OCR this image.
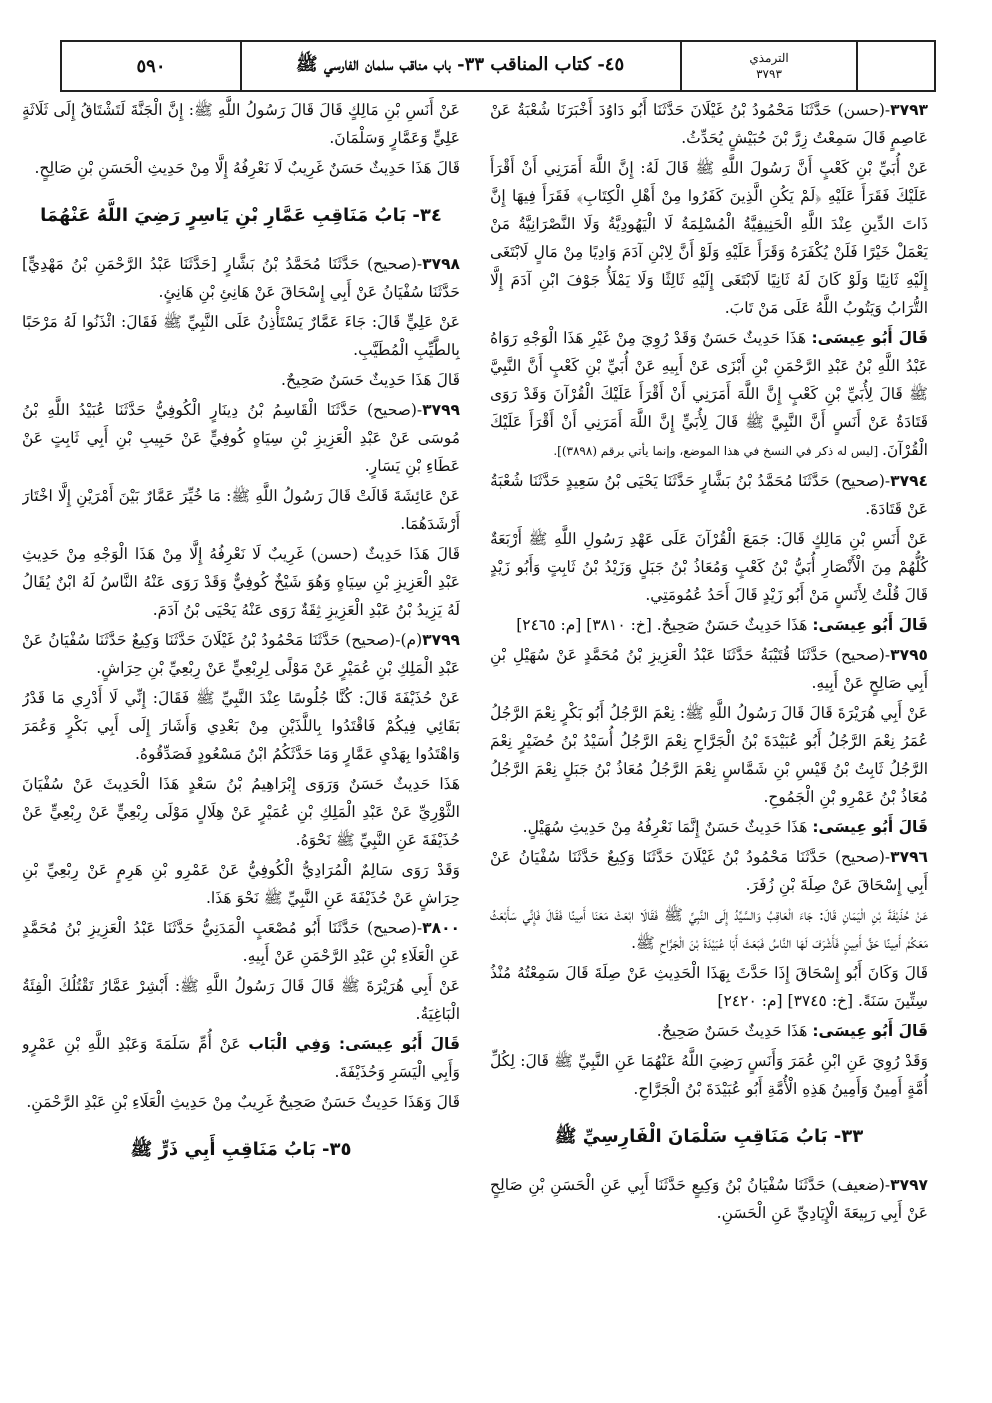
الترمذي
٣٧٩٣
٤٥- كتاب المناقب ٣٣- باب مناقب سلمان الفارسي ﷺ
٥٩٠

٣٧٩٣-(حسن) حَدَّثَنَا مَحْمُودُ بْنُ غَيْلَانَ حَدَّثَنَا أَبُو دَاوُدَ أَخْبَرَنَا شُعْبَةُ عَنْ عَاصِمٍ قَالَ سَمِعْتُ زِرَّ بْنَ حُبَيْشٍ يُحَدِّثُ.

عَنْ أُبَيِّ بْنِ كَعْبٍ أَنَّ رَسُولَ اللَّهِ ﷺ قَالَ لَهُ: إِنَّ اللَّهَ أَمَرَنِي أَنْ أَقْرَأَ عَلَيْكَ فَقَرَأَ عَلَيْهِ ﴿لَمْ يَكُنِ الَّذِينَ كَفَرُوا مِنْ أَهْلِ الْكِتَابِ﴾ فَقَرَأَ فِيهَا إِنَّ ذَاتَ الدِّينِ عِنْدَ اللَّهِ الْحَنِيفِيَّةُ الْمُسْلِمَةُ لَا الْيَهُودِيَّةُ وَلَا النَّصْرَانِيَّةُ مَنْ يَعْمَلْ خَيْرًا فَلَنْ يُكْفَرَهُ وَقَرَأَ عَلَيْهِ وَلَوْ أَنَّ لِابْنِ آدَمَ وَادِيًا مِنْ مَالٍ لَابْتَغَى إِلَيْهِ ثَانِيًا وَلَوْ كَانَ لَهُ ثَانِيًا لَابْتَغَى إِلَيْهِ ثَالِثًا وَلَا يَمْلَأُ جَوْفَ ابْنِ آدَمَ إِلَّا التُّرَابُ وَيَتُوبُ اللَّهُ عَلَى مَنْ تَابَ.

قَالَ أَبُو عِيسَى: هَذَا حَدِيثٌ حَسَنٌ وَقَدْ رُوِيَ مِنْ غَيْرِ هَذَا الْوَجْهِ رَوَاهُ عَبْدُ اللَّهِ بْنُ عَبْدِ الرَّحْمَنِ بْنِ أَبْزَى عَنْ أَبِيهِ عَنْ أُبَيِّ بْنِ كَعْبٍ أَنَّ النَّبِيَّ ﷺ قَالَ لِأُبَيِّ بْنِ كَعْبٍ إِنَّ اللَّهَ أَمَرَنِي أَنْ أَقْرَأَ عَلَيْكَ الْقُرْآنَ وَقَدْ رَوَى قَتَادَةُ عَنْ أَنَسٍ أَنَّ النَّبِيَّ ﷺ قَالَ لِأُبَيٍّ إِنَّ اللَّهَ أَمَرَنِي أَنْ أَقْرَأَ عَلَيْكَ الْقُرْآنَ. [ليس له ذكر في النسخ في هذا الموضع، وإنما يأتي برقم (٣٨٩٨)].

٣٧٩٤-(صحيح) حَدَّثَنَا مُحَمَّدُ بْنُ بَشَّارٍ حَدَّثَنَا يَحْيَى بْنُ سَعِيدٍ حَدَّثَنَا شُعْبَةُ عَنْ قَتَادَةَ.

عَنْ أَنَسِ بْنِ مَالِكٍ قَالَ: جَمَعَ الْقُرْآنَ عَلَى عَهْدِ رَسُولِ اللَّهِ ﷺ أَرْبَعَةٌ كُلُّهُمْ مِنَ الْأَنْصَارِ أُبَيُّ بْنُ كَعْبٍ وَمُعَاذُ بْنُ جَبَلٍ وَزَيْدُ بْنُ ثَابِتٍ وَأَبُو زَيْدٍ قَالَ قُلْتُ لِأَنَسٍ مَنْ أَبُو زَيْدٍ قَالَ أَحَدُ عُمُومَتِي.

قَالَ أَبُو عِيسَى: هَذَا حَدِيثٌ حَسَنٌ صَحِيحٌ. [خ: ٣٨١٠] [م: ٢٤٦٥]

٣٧٩٥-(صحيح) حَدَّثَنَا قُتَيْبَةُ حَدَّثَنَا عَبْدُ الْعَزِيزِ بْنُ مُحَمَّدٍ عَنْ سُهَيْلِ بْنِ أَبِي صَالِحٍ عَنْ أَبِيهِ.

عَنْ أَبِي هُرَيْرَةَ قَالَ قَالَ رَسُولُ اللَّهِ ﷺ: نِعْمَ الرَّجُلُ أَبُو بَكْرٍ نِعْمَ الرَّجُلُ عُمَرُ نِعْمَ الرَّجُلُ أَبُو عُبَيْدَةَ بْنُ الْجَرَّاحِ نِعْمَ الرَّجُلُ أُسَيْدُ بْنُ حُضَيْرٍ نِعْمَ الرَّجُلُ ثَابِتُ بْنُ قَيْسِ بْنِ شَمَّاسٍ نِعْمَ الرَّجُلُ مُعَاذُ بْنُ جَبَلٍ نِعْمَ الرَّجُلُ مُعَاذُ بْنُ عَمْرِو بْنِ الْجَمُوحِ.

قَالَ أَبُو عِيسَى: هَذَا حَدِيثٌ حَسَنٌ إِنَّمَا نَعْرِفُهُ مِنْ حَدِيثِ سُهَيْلٍ.

٣٧٩٦-(صحيح) حَدَّثَنَا مَحْمُودُ بْنُ غَيْلَانَ حَدَّثَنَا وَكِيعٌ حَدَّثَنَا سُفْيَانُ عَنْ أَبِي إِسْحَاقَ عَنْ صِلَةَ بْنِ زُفَرَ.

عَنْ حُذَيْفَةَ بْنِ الْيَمَانِ قَالَ: جَاءَ الْعَاقِبُ وَالسَّيِّدُ إِلَى النَّبِيِّ ﷺ فَقَالَا ابْعَثْ مَعَنَا أَمِينًا فَقَالَ فَإِنِّي سَأَبْعَثُ مَعَكُمْ أَمِينًا حَقَّ أَمِينٍ فَأَشْرَفَ لَهَا النَّاسُ فَبَعَثَ أَبَا عُبَيْدَةَ بْنَ الْجَرَّاحِ ﷺ.

قَالَ وَكَانَ أَبُو إِسْحَاقَ إِذَا حَدَّثَ بِهَذَا الْحَدِيثِ عَنْ صِلَةَ قَالَ سَمِعْتُهُ مُنْذُ سِتِّينَ سَنَةً. [خ: ٣٧٤٥] [م: ٢٤٢٠]

قَالَ أَبُو عِيسَى: هَذَا حَدِيثٌ حَسَنٌ صَحِيحٌ.

وَقَدْ رُوِيَ عَنِ ابْنِ عُمَرَ وَأَنَسٍ رَضِيَ اللَّهُ عَنْهُمَا عَنِ النَّبِيِّ ﷺ قَالَ: لِكُلِّ أُمَّةٍ أَمِينٌ وَأَمِينُ هَذِهِ الْأُمَّةِ أَبُو عُبَيْدَةَ بْنُ الْجَرَّاحِ.

٣٣- بَابُ مَنَاقِبِ سَلْمَانَ الْفَارِسِيِّ ﷺ

٣٧٩٧-(ضعيف) حَدَّثَنَا سُفْيَانُ بْنُ وَكِيعٍ حَدَّثَنَا أَبِي عَنِ الْحَسَنِ بْنِ صَالِحٍ عَنْ أَبِي رَبِيعَةَ الْإِيَادِيِّ عَنِ الْحَسَنِ.

عَنْ أَنَسِ بْنِ مَالِكٍ قَالَ قَالَ رَسُولُ اللَّهِ ﷺ: إِنَّ الْجَنَّةَ لَتَشْتَاقُ إِلَى ثَلَاثَةٍ عَلِيٍّ وَعَمَّارٍ وَسَلْمَانَ.

قَالَ هَذَا حَدِيثٌ حَسَنٌ غَرِيبٌ لَا نَعْرِفُهُ إِلَّا مِنْ حَدِيثِ الْحَسَنِ بْنِ صَالِحٍ.

٣٤- بَابُ مَنَاقِبِ عَمَّارِ بْنِ يَاسِرٍ رَضِيَ اللَّهُ عَنْهُمَا

٣٧٩٨-(صحيح) حَدَّثَنَا مُحَمَّدُ بْنُ بَشَّارٍ [حَدَّثَنَا عَبْدُ الرَّحْمَنِ بْنُ مَهْدِيٍّ] حَدَّثَنَا سُفْيَانُ عَنْ أَبِي إِسْحَاقَ عَنْ هَانِئِ بْنِ هَانِئٍ.

عَنْ عَلِيٍّ قَالَ: جَاءَ عَمَّارٌ يَسْتَأْذِنُ عَلَى النَّبِيِّ ﷺ فَقَالَ: ائْذَنُوا لَهُ مَرْحَبًا بِالطَّيِّبِ الْمُطَيَّبِ.

قَالَ هَذَا حَدِيثٌ حَسَنٌ صَحِيحٌ.

٣٧٩٩-(صحيح) حَدَّثَنَا الْقَاسِمُ بْنُ دِينَارٍ الْكُوفِيُّ حَدَّثَنَا عُبَيْدُ اللَّهِ بْنُ مُوسَى عَنْ عَبْدِ الْعَزِيزِ بْنِ سِيَاهٍ كُوفِيٍّ عَنْ حَبِيبِ بْنِ أَبِي ثَابِتٍ عَنْ عَطَاءِ بْنِ يَسَارٍ.

عَنْ عَائِشَةَ قَالَتْ قَالَ رَسُولُ اللَّهِ ﷺ: مَا خُيِّرَ عَمَّارٌ بَيْنَ أَمْرَيْنِ إِلَّا اخْتَارَ أَرْشَدَهُمَا.

قَالَ هَذَا حَدِيثٌ (حسن) غَرِيبٌ لَا نَعْرِفُهُ إِلَّا مِنْ هَذَا الْوَجْهِ مِنْ حَدِيثِ عَبْدِ الْعَزِيزِ بْنِ سِيَاهٍ وَهُوَ شَيْخٌ كُوفِيٌّ وَقَدْ رَوَى عَنْهُ النَّاسُ لَهُ ابْنٌ يُقَالُ لَهُ يَزِيدُ بْنُ عَبْدِ الْعَزِيزِ ثِقَةٌ رَوَى عَنْهُ يَحْيَى بْنُ آدَمَ.

٣٧٩٩(م)-(صحيح) حَدَّثَنَا مَحْمُودُ بْنُ غَيْلَانَ حَدَّثَنَا وَكِيعٌ حَدَّثَنَا سُفْيَانُ عَنْ عَبْدِ الْمَلِكِ بْنِ عُمَيْرٍ عَنْ مَوْلًى لِرِبْعِيٍّ عَنْ رِبْعِيِّ بْنِ حِرَاشٍ.

عَنْ حُذَيْفَةَ قَالَ: كُنَّا جُلُوسًا عِنْدَ النَّبِيِّ ﷺ فَقَالَ: إِنِّي لَا أَدْرِي مَا قَدْرُ بَقَائِي فِيكُمْ فَاقْتَدُوا بِاللَّذَيْنِ مِنْ بَعْدِي وَأَشَارَ إِلَى أَبِي بَكْرٍ وَعُمَرَ وَاهْتَدُوا بِهَدْيِ عَمَّارٍ وَمَا حَدَّثَكُمُ ابْنُ مَسْعُودٍ فَصَدِّقُوهُ.

هَذَا حَدِيثٌ حَسَنٌ وَرَوَى إِبْرَاهِيمُ بْنُ سَعْدٍ هَذَا الْحَدِيثَ عَنْ سُفْيَانَ الثَّوْرِيِّ عَنْ عَبْدِ الْمَلِكِ بْنِ عُمَيْرٍ عَنْ هِلَالٍ مَوْلَى رِبْعِيٍّ عَنْ رِبْعِيٍّ عَنْ حُذَيْفَةَ عَنِ النَّبِيِّ ﷺ نَحْوَهُ.

وَقَدْ رَوَى سَالِمٌ الْمُرَادِيُّ الْكُوفِيُّ عَنْ عَمْرِو بْنِ هَرِمٍ عَنْ رِبْعِيِّ بْنِ حِرَاشٍ عَنْ حُذَيْفَةَ عَنِ النَّبِيِّ ﷺ نَحْوَ هَذَا.

٣٨٠٠-(صحيح) حَدَّثَنَا أَبُو مُصْعَبٍ الْمَدَنِيُّ حَدَّثَنَا عَبْدُ الْعَزِيزِ بْنُ مُحَمَّدٍ عَنِ الْعَلَاءِ بْنِ عَبْدِ الرَّحْمَنِ عَنْ أَبِيهِ.

عَنْ أَبِي هُرَيْرَةَ ﷺ قَالَ قَالَ رَسُولُ اللَّهِ ﷺ: أَبْشِرْ عَمَّارُ تَقْتُلُكَ الْفِئَةُ الْبَاغِيَةُ.

قَالَ أَبُو عِيسَى: وَفِي الْبَاب عَنْ أُمِّ سَلَمَةَ وَعَبْدِ اللَّهِ بْنِ عَمْرٍو وَأَبِي الْيَسَرِ وَحُذَيْفَةَ.

قَالَ وَهَذَا حَدِيثٌ حَسَنٌ صَحِيحٌ غَرِيبٌ مِنْ حَدِيثِ الْعَلَاءِ بْنِ عَبْدِ الرَّحْمَنِ.

٣٥- بَابُ مَنَاقِبِ أَبِي ذَرٍّ ﷺ
